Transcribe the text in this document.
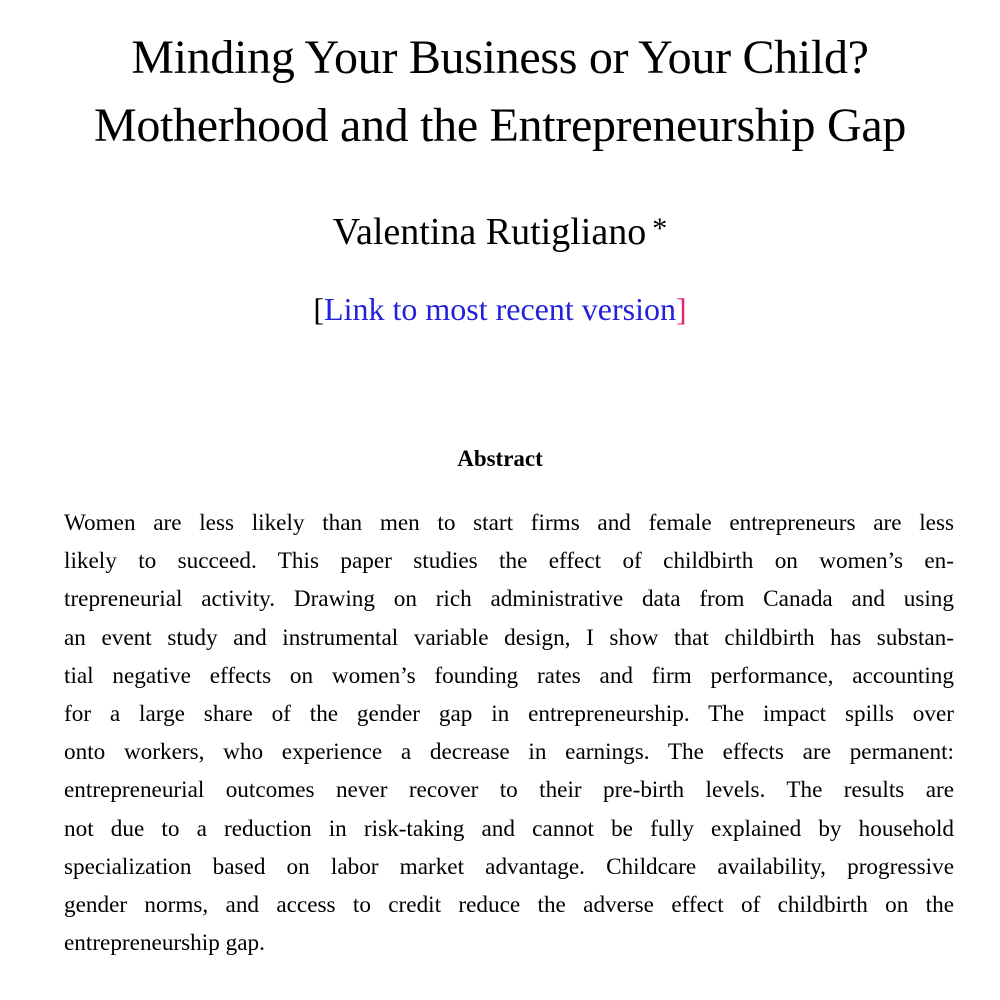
Minding Your Business or Your Child?
Motherhood and the Entrepreneurship Gap
Valentina Rutigliano *
[Link to most recent version]
Abstract

Women are less likely than men to start firms and female entrepreneurs are less
likely to succeed. This paper studies the effect of childbirth on women’s en-
trepreneurial activity. Drawing on rich administrative data from Canada and using
an event study and instrumental variable design, I show that childbirth has substan-
tial negative effects on women’s founding rates and firm performance, accounting
for a large share of the gender gap in entrepreneurship. The impact spills over
onto workers, who experience a decrease in earnings. The effects are permanent:
entrepreneurial outcomes never recover to their pre-birth levels. The results are
not due to a reduction in risk-taking and cannot be fully explained by household
specialization based on labor market advantage. Childcare availability, progressive
gender norms, and access to credit reduce the adverse effect of childbirth on the
entrepreneurship gap.
